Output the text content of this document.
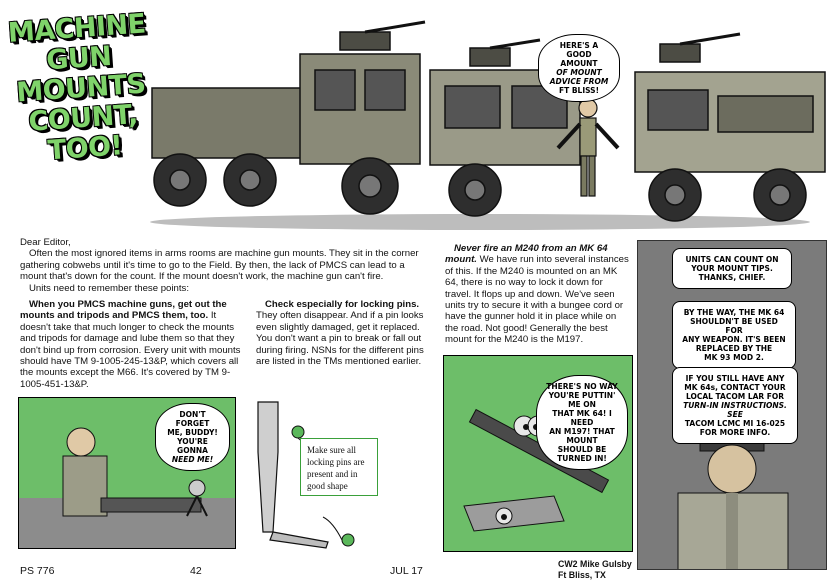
MACHINE
GUN
MOUNTS
COUNT,
TOO!
HERE'S A
GOOD AMOUNT
OF MOUNT
ADVICE FROM
FT BLISS!

Dear Editor,

Often the most ignored items in arms rooms are machine gun mounts. They sit in the corner gathering cobwebs until it's time to go to the Field. By then, the lack of PMCS can lead to a mount that's down for the count. If the mount doesn't work, the machine gun can't fire.

Units need to remember these points:

When you PMCS machine guns, get out the mounts and tripods and PMCS them, too. It doesn't take that much longer to check the mounts and tripods for damage and lube them so that they don't bind up from corrosion. Every unit with mounts should have TM 9-1005-245-13&P, which covers all the mounts except the M66. It's covered by TM 9-1005-451-13&P.

Check especially for locking pins. They often disappear. And if a pin looks even slightly damaged, get it replaced. You don't want a pin to break or fall out during firing. NSNs for the different pins are listed in the TMs mentioned earlier.

DON'T FORGET
ME, BUDDY!
YOU'RE GONNA
NEED ME!
Make sure all locking pins are present and in good shape

Never fire an M240 from an MK 64 mount. We have run into several instances of this. If the M240 is mounted on an MK 64, there is no way to lock it down for travel. It flops up and down. We've seen units try to secure it with a bungee cord or have the gunner hold it in place while on the road. Not good! Generally the best mount for the M240 is the M197.

THERE'S NO WAY
YOU'RE PUTTIN' ME ON
THAT MK 64! I NEED
AN M197! THAT MOUNT
SHOULD BE TURNED IN!
CW2 Mike Gulsby
Ft Bliss, TX
UNITS CAN COUNT ON
YOUR MOUNT TIPS.
THANKS, CHIEF.
BY THE WAY, THE MK 64
SHOULDN'T BE USED FOR
ANY WEAPON. IT'S BEEN
REPLACED BY THE
MK 93 MOD 2.
IF YOU STILL HAVE ANY
MK 64s, CONTACT YOUR
LOCAL TACOM LAR FOR
TURN-IN INSTRUCTIONS. SEE
TACOM LCMC MI 16-025
FOR MORE INFO.
PS 776	42	JUL 17
